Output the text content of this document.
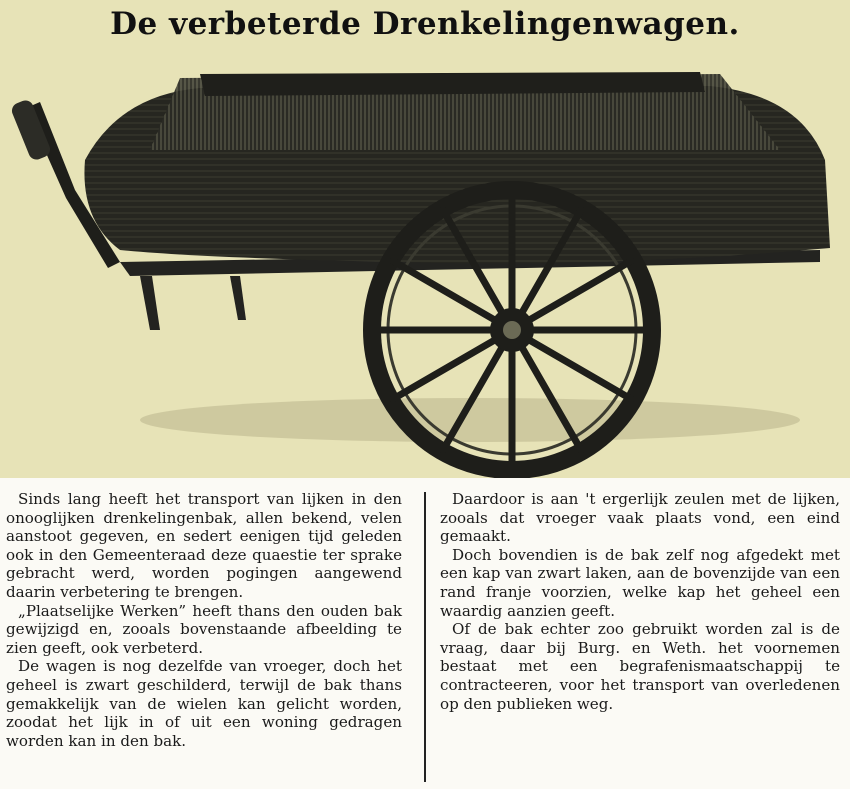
De verbeterde Drenkelingenwagen.

Sinds lang heeft het transport van lijken in den onooglijken drenkelingenbak, allen bekend, velen aanstoot gegeven, en sedert eenigen tijd geleden ook in den Gemeenteraad deze quaestie ter sprake gebracht werd, worden pogingen aangewend daarin verbetering te brengen.

„Plaatselijke Werken” heeft thans den ouden bak gewijzigd en, zooals bovenstaande afbeelding te zien geeft, ook verbeterd.

De wagen is nog dezelfde van vroeger, doch het geheel is zwart geschilderd, terwijl de bak thans gemakkelijk van de wielen kan gelicht worden, zoodat het lijk in of uit een woning gedragen worden kan in den bak.

Daardoor is aan 't ergerlijk zeulen met de lijken, zooals dat vroeger vaak plaats vond, een eind gemaakt.

Doch bovendien is de bak zelf nog afgedekt met een kap van zwart laken, aan de bovenzijde van een rand franje voorzien, welke kap het geheel een waardig aanzien geeft.

Of de bak echter zoo gebruikt worden zal is de vraag, daar bij Burg. en Weth. het voornemen bestaat met een begrafenismaatschappij te contracteeren, voor het transport van overledenen op den publieken weg.
